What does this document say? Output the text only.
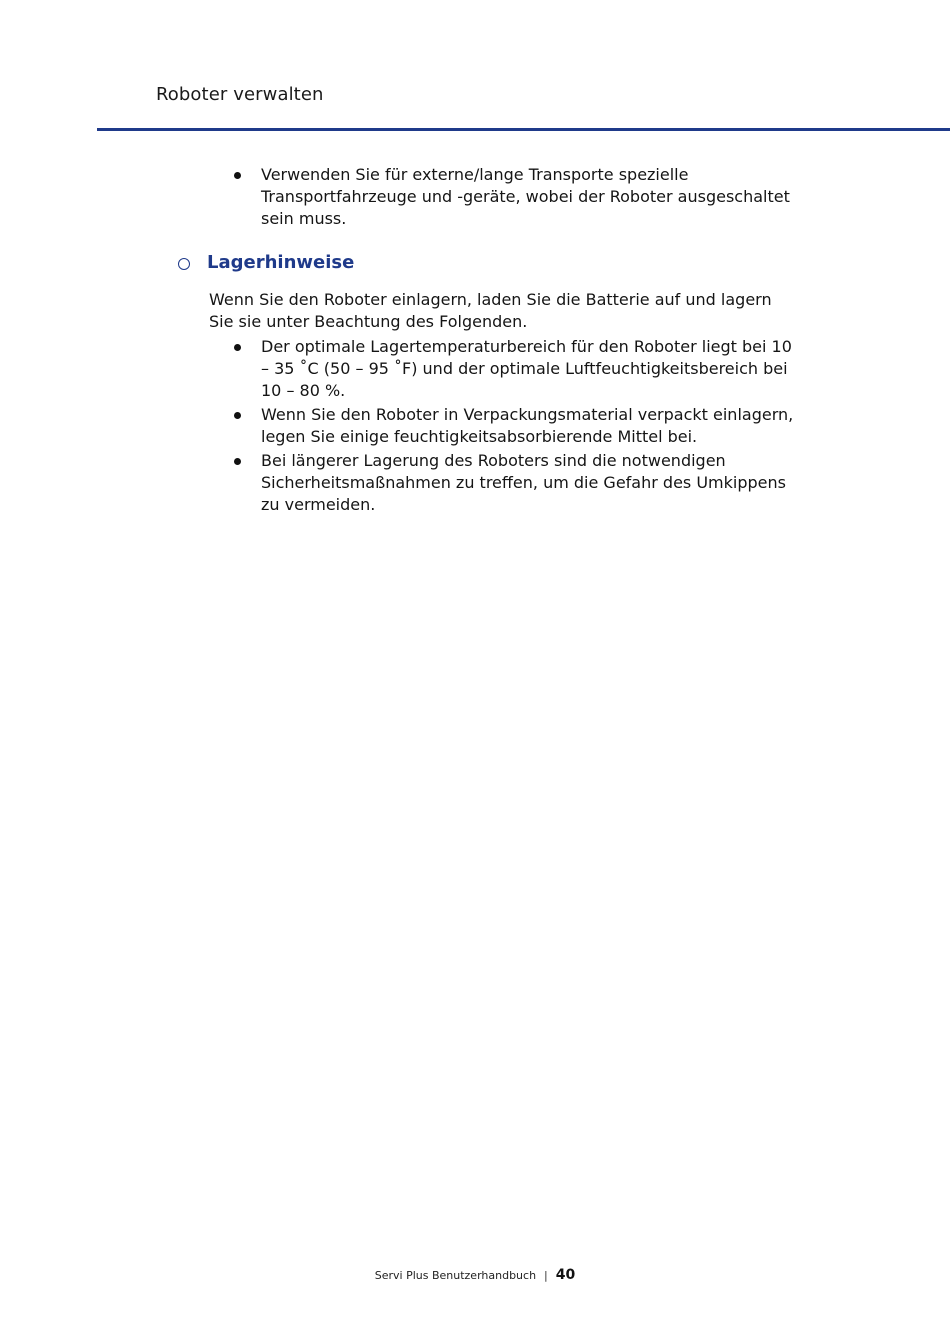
Roboter verwalten
Verwenden Sie für externe/lange Transporte spezielle Transportfahrzeuge und -geräte, wobei der Roboter ausgeschaltet sein muss.
Lagerhinweise
Wenn Sie den Roboter einlagern, laden Sie die Batterie auf und lagern Sie sie unter Beachtung des Folgenden.
Der optimale Lagertemperaturbereich für den Roboter liegt bei 10 – 35 ˚C (50 – 95 ˚F) und der optimale Luftfeuchtigkeitsbereich bei 10 – 80 %.
Wenn Sie den Roboter in Verpackungsmaterial verpackt einlagern, legen Sie einige feuchtigkeitsabsorbierende Mittel bei.
Bei längerer Lagerung des Roboters sind die notwendigen Sicherheitsmaßnahmen zu treffen, um die Gefahr des Umkippens zu vermeiden.
Servi Plus Benutzerhandbuch | 40
